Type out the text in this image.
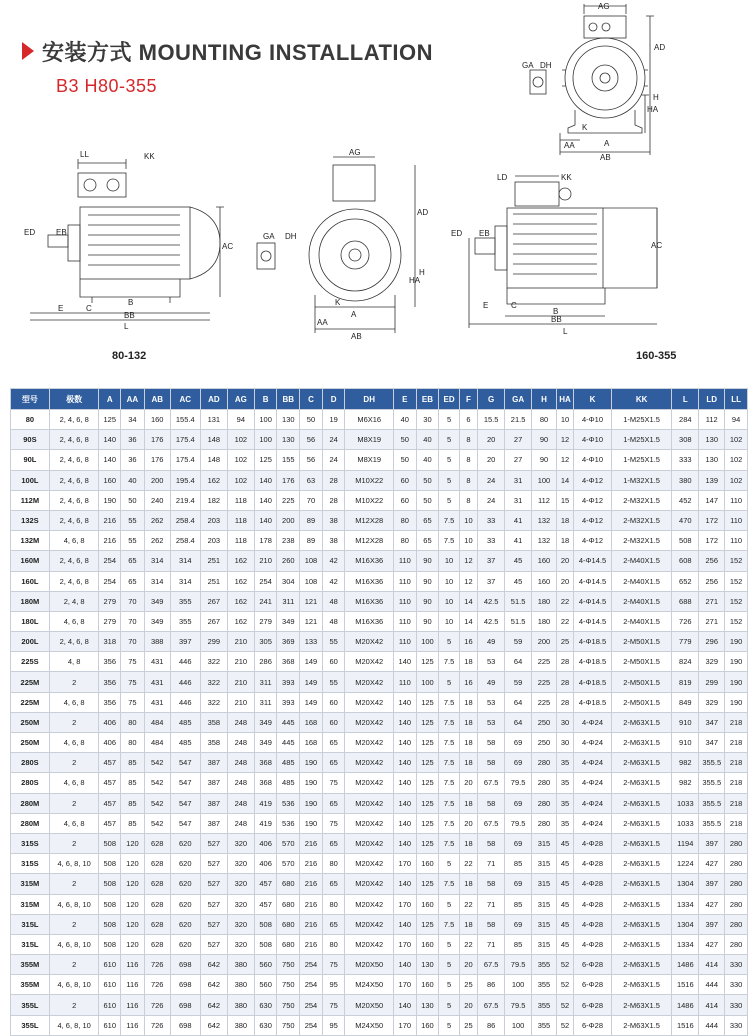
安装方式 MOUNTING INSTALLATION
B3 H80-355
AG
AD
GA DH
HA
H
A
AA
AB
K
LL	KK
ED	EB
AC
E	C
B
BB
L
AG
AD
GA DH
HA
H
A
AA
AB
K
LD	KK
ED EB
AC
E	C
B
BB
L
80-132	160-355
型号	极数	A	AA	AB	AC	AD	AG	B	BB	C	D	DH	E	EB	ED	F	G	GA	H	HA	K	KK	L	LD	LL
80	2, 4, 6, 8	125	34	160	155.4	131	94	100	130	50	19	M6X16	40	30	5	6	15.5	21.5	80	10	4-Φ10	1-M25X1.5	284	112	94
90S	2, 4, 6, 8	140	36	176	175.4	148	102	100	130	56	24	M8X19	50	40	5	8	20	27	90	12	4-Φ10	1-M25X1.5	308	130	102
90L	2, 4, 6, 8	140	36	176	175.4	148	102	125	155	56	24	M8X19	50	40	5	8	20	27	90	12	4-Φ10	1-M25X1.5	333	130	102
100L	2, 4, 6, 8	160	40	200	195.4	162	102	140	176	63	28	M10X22	60	50	5	8	24	31	100	14	4-Φ12	1-M32X1.5	380	139	102
112M	2, 4, 6, 8	190	50	240	219.4	182	118	140	225	70	28	M10X22	60	50	5	8	24	31	112	15	4-Φ12	2-M32X1.5	452	147	110
132S	2, 4, 6, 8	216	55	262	258.4	203	118	140	200	89	38	M12X28	80	65	7.5	10	33	41	132	18	4-Φ12	2-M32X1.5	470	172	110
132M	4, 6, 8	216	55	262	258.4	203	118	178	238	89	38	M12X28	80	65	7.5	10	33	41	132	18	4-Φ12	2-M32X1.5	508	172	110
160M	2, 4, 6, 8	254	65	314	314	251	162	210	260	108	42	M16X36	110	90	10	12	37	45	160	20	4-Φ14.5	2-M40X1.5	608	256	152
160L	2, 4, 6, 8	254	65	314	314	251	162	254	304	108	42	M16X36	110	90	10	12	37	45	160	20	4-Φ14.5	2-M40X1.5	652	256	152
180M	2, 4, 8	279	70	349	355	267	162	241	311	121	48	M16X36	110	90	10	14	42.5	51.5	180	22	4-Φ14.5	2-M40X1.5	688	271	152
180L	4, 6, 8	279	70	349	355	267	162	279	349	121	48	M16X36	110	90	10	14	42.5	51.5	180	22	4-Φ14.5	2-M40X1.5	726	271	152
200L	2, 4, 6, 8	318	70	388	397	299	210	305	369	133	55	M20X42	110	100	5	16	49	59	200	25	4-Φ18.5	2-M50X1.5	779	296	190
225S	4, 8	356	75	431	446	322	210	286	368	149	60	M20X42	140	125	7.5	18	53	64	225	28	4-Φ18.5	2-M50X1.5	824	329	190
225M	2	356	75	431	446	322	210	311	393	149	55	M20X42	110	100	5	16	49	59	225	28	4-Φ18.5	2-M50X1.5	819	299	190
225M	4, 6, 8	356	75	431	446	322	210	311	393	149	60	M20X42	140	125	7.5	18	53	64	225	28	4-Φ18.5	2-M50X1.5	849	329	190
250M	2	406	80	484	485	358	248	349	445	168	60	M20X42	140	125	7.5	18	53	64	250	30	4-Φ24	2-M63X1.5	910	347	218
250M	4, 6, 8	406	80	484	485	358	248	349	445	168	65	M20X42	140	125	7.5	18	58	69	250	30	4-Φ24	2-M63X1.5	910	347	218
280S	2	457	85	542	547	387	248	368	485	190	65	M20X42	140	125	7.5	18	58	69	280	35	4-Φ24	2-M63X1.5	982	355.5	218
280S	4, 6, 8	457	85	542	547	387	248	368	485	190	75	M20X42	140	125	7.5	20	67.5	79.5	280	35	4-Φ24	2-M63X1.5	982	355.5	218
280M	2	457	85	542	547	387	248	419	536	190	65	M20X42	140	125	7.5	18	58	69	280	35	4-Φ24	2-M63X1.5	1033	355.5	218
280M	4, 6, 8	457	85	542	547	387	248	419	536	190	75	M20X42	140	125	7.5	20	67.5	79.5	280	35	4-Φ24	2-M63X1.5	1033	355.5	218
315S	2	508	120	628	620	527	320	406	570	216	65	M20X42	140	125	7.5	18	58	69	315	45	4-Φ28	2-M63X1.5	1194	397	280
315S	4, 6, 8, 10	508	120	628	620	527	320	406	570	216	80	M20X42	170	160	5	22	71	85	315	45	4-Φ28	2-M63X1.5	1224	427	280
315M	2	508	120	628	620	527	320	457	680	216	65	M20X42	140	125	7.5	18	58	69	315	45	4-Φ28	2-M63X1.5	1304	397	280
315M	4, 6, 8, 10	508	120	628	620	527	320	457	680	216	80	M20X42	170	160	5	22	71	85	315	45	4-Φ28	2-M63X1.5	1334	427	280
315L	2	508	120	628	620	527	320	508	680	216	65	M20X42	140	125	7.5	18	58	69	315	45	4-Φ28	2-M63X1.5	1304	397	280
315L	4, 6, 8, 10	508	120	628	620	527	320	508	680	216	80	M20X42	170	160	5	22	71	85	315	45	4-Φ28	2-M63X1.5	1334	427	280
355M	2	610	116	726	698	642	380	560	750	254	75	M20X50	140	130	5	20	67.5	79.5	355	52	6-Φ28	2-M63X1.5	1486	414	330
355M	4, 6, 8, 10	610	116	726	698	642	380	560	750	254	95	M24X50	170	160	5	25	86	100	355	52	6-Φ28	2-M63X1.5	1516	444	330
355L	2	610	116	726	698	642	380	630	750	254	75	M20X50	140	130	5	20	67.5	79.5	355	52	6-Φ28	2-M63X1.5	1486	414	330
355L	4, 6, 8, 10	610	116	726	698	642	380	630	750	254	95	M24X50	170	160	5	25	86	100	355	52	6-Φ28	2-M63X1.5	1516	444	330
